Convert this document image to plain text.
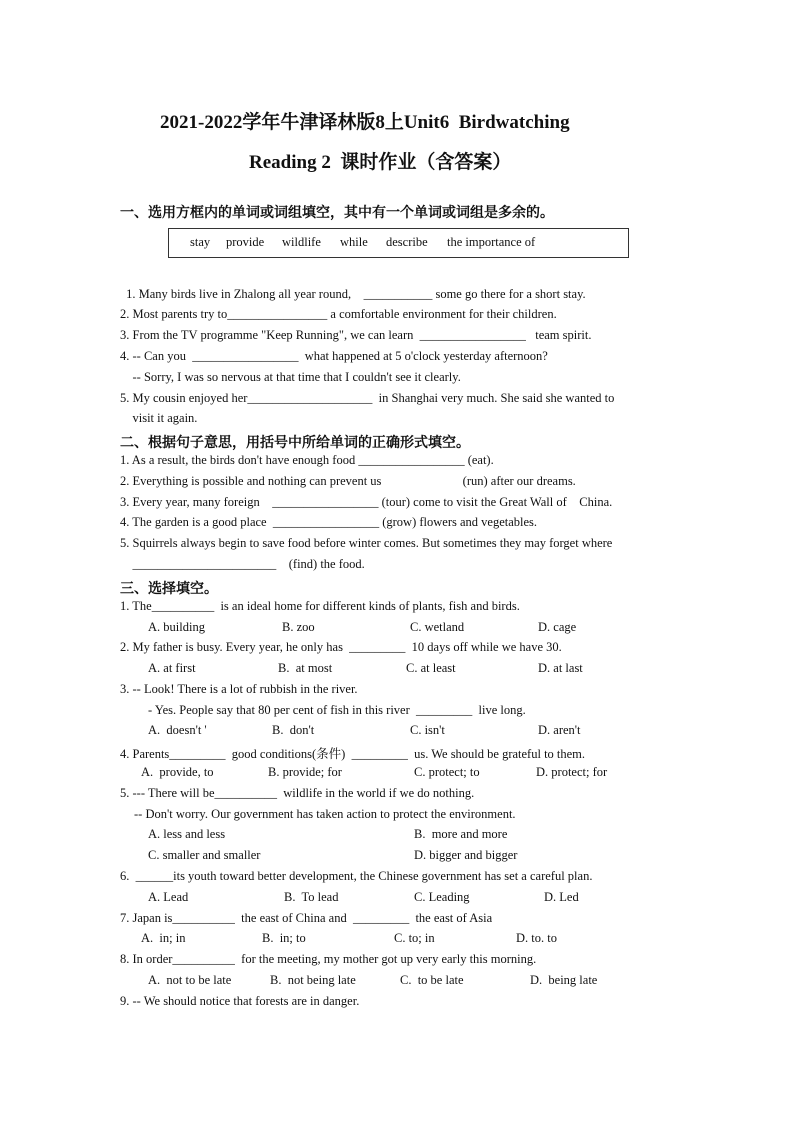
2021-2022学年牛津译林版8上Unit6  Birdwatching
Reading 2  课时作业（含答案）
一、选用方框内的单词或词组填空，其中有一个单词或词组是多余的。
stay provide wildlife while describe the importance of
1. Many birds live in Zhalong all year round,    ___________ some go there for a short stay.
2. Most parents try to________________ a comfortable environment for their children.
3. From the TV programme "Keep Running", we can learn  _________________   team spirit.
4. -- Can you  _________________  what happened at 5 o'clock yesterday afternoon?
-- Sorry, I was so nervous at that time that I couldn't see it clearly.
5. My cousin enjoyed her____________________  in Shanghai very much. She said she wanted to
visit it again.
二、根据句子意思，用括号中所给单词的正确形式填空。
1. As a result, the birds don't have enough food _________________ (eat).
2. Everything is possible and nothing can prevent us                          (run) after our dreams.
3. Every year, many foreign    _________________ (tour) come to visit the Great Wall of    China.
4. The garden is a good place  _________________ (grow) flowers and vegetables.
5. Squirrels always begin to save food before winter comes. But sometimes they may forget where
_______________________    (find) the food.
三、选择填空。
1. The__________  is an ideal home for different kinds of plants, fish and birds.
A. building	B. zoo	C. wetland	D. cage
2. My father is busy. Every year, he only has  _________  10 days off while we have 30.
A. at first	B.  at most	C. at least	D. at last
3. -- Look! There is a lot of rubbish in the river.
- Yes. People say that 80 per cent of fish in this river  _________  live long.
A.  doesn't '	B.  don't	C. isn't	D. aren't
4. Parents_________  good conditions(条件)  _________  us. We should be grateful to them.
A.  provide, to	B. provide; for	C. protect; to	D. protect; for
5. --- There will be__________  wildlife in the world if we do nothing.
-- Don't worry. Our government has taken action to protect the environment.
A. less and less	B.  more and more
C. smaller and smaller	D. bigger and bigger
6.  ______its youth toward better development, the Chinese government has set a careful plan.
A. Lead	B.  To lead	C. Leading	D. Led
7. Japan is__________  the east of China and  _________  the east of Asia
A.  in; in	B.  in; to	C. to; in	D. to. to
8. In order__________  for the meeting, my mother got up very early this morning.
A.  not to be late	B.  not being late	C.  to be late	D.  being late
9. -- We should notice that forests are in danger.
